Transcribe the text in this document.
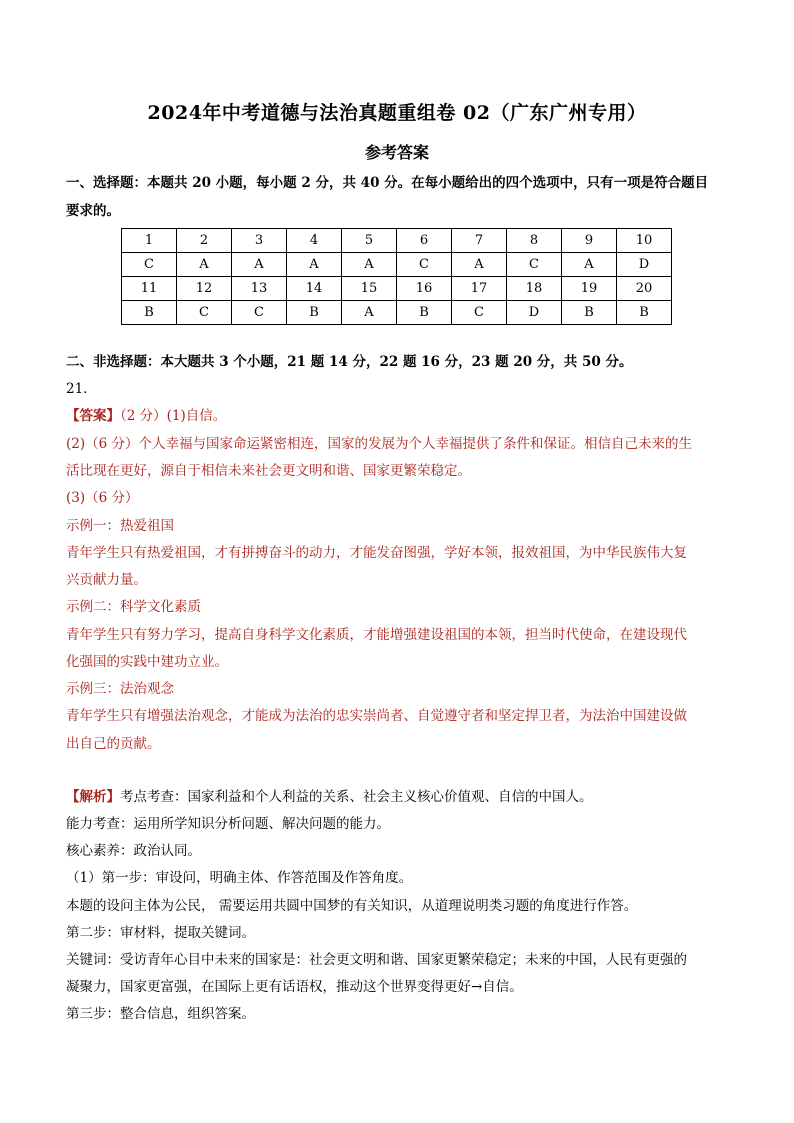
2024年中考道德与法治真题重组卷 02（广东广州专用）
参考答案
一、选择题：本题共 20 小题，每小题 2 分，共 40 分。在每小题给出的四个选项中，只有一项是符合题目
要求的。
1	2	3	4	5	6	7	8	9	10
C	A	A	A	A	C	A	C	A	D
11	12	13	14	15	16	17	18	19	20
B	C	C	B	A	B	C	D	B	B
二、非选择题：本大题共 3 个小题，21 题 14 分，22 题 16 分，23 题 20 分，共 50 分。
21．
【答案】（2 分）(1)自信。
(2)（6 分）个人幸福与国家命运紧密相连，国家的发展为个人幸福提供了条件和保证。相信自己未来的生
活比现在更好，源自于相信未来社会更文明和谐、国家更繁荣稳定。
(3)（6 分）
示例一：热爱祖国
青年学生只有热爱祖国，才有拼搏奋斗的动力，才能发奋图强，学好本领，报效祖国，为中华民族伟大复
兴贡献力量。
示例二：科学文化素质
青年学生只有努力学习，提高自身科学文化素质，才能增强建设祖国的本领，担当时代使命，在建设现代
化强国的实践中建功立业。
示例三：法治观念
青年学生只有增强法治观念，才能成为法治的忠实崇尚者、自觉遵守者和坚定捍卫者，为法治中国建设做
出自己的贡献。
【解析】考点考查：国家利益和个人利益的关系、社会主义核心价值观、自信的中国人。
能力考查：运用所学知识分析问题、解决问题的能力。
核心素养：政治认同。
（1）第一步：审设问，明确主体、作答范围及作答角度。
本题的设问主体为公民， 需要运用共圆中国梦的有关知识，从道理说明类习题的角度进行作答。
第二步：审材料，提取关键词。
关键词：受访青年心目中未来的国家是：社会更文明和谐、国家更繁荣稳定；未来的中国，人民有更强的
凝聚力，国家更富强，在国际上更有话语权，推动这个世界变得更好→自信。
第三步：整合信息，组织答案。
